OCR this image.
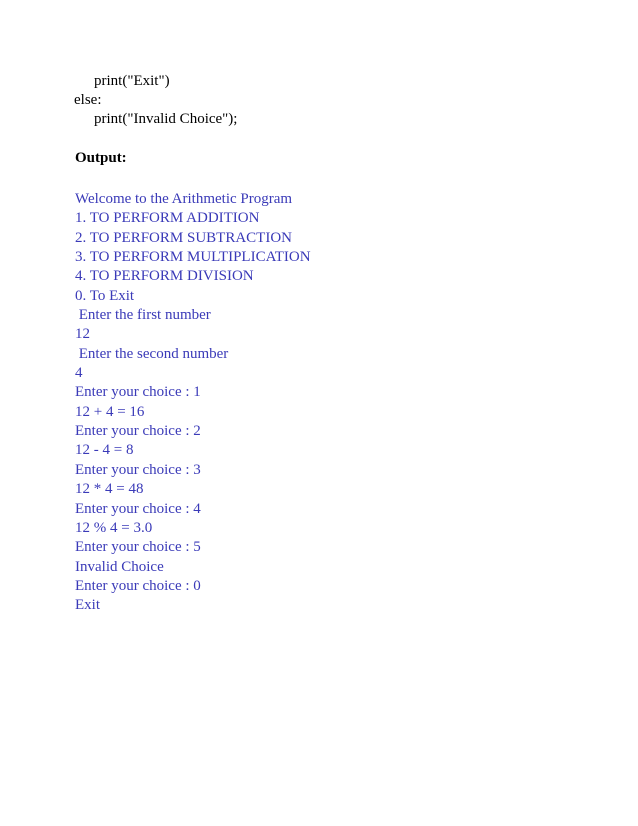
print("Exit")
else:
print("Invalid Choice");
Output:
Welcome to the Arithmetic Program
1. TO PERFORM ADDITION
2. TO PERFORM SUBTRACTION
3. TO PERFORM MULTIPLICATION
4. TO PERFORM DIVISION
0. To Exit
Enter the first number
12
Enter the second number
4
Enter your choice : 1
12 + 4 = 16
Enter your choice : 2
12 - 4 = 8
Enter your choice : 3
12 * 4 = 48
Enter your choice : 4
12 % 4 = 3.0
Enter your choice : 5
Invalid Choice
Enter your choice : 0
Exit
